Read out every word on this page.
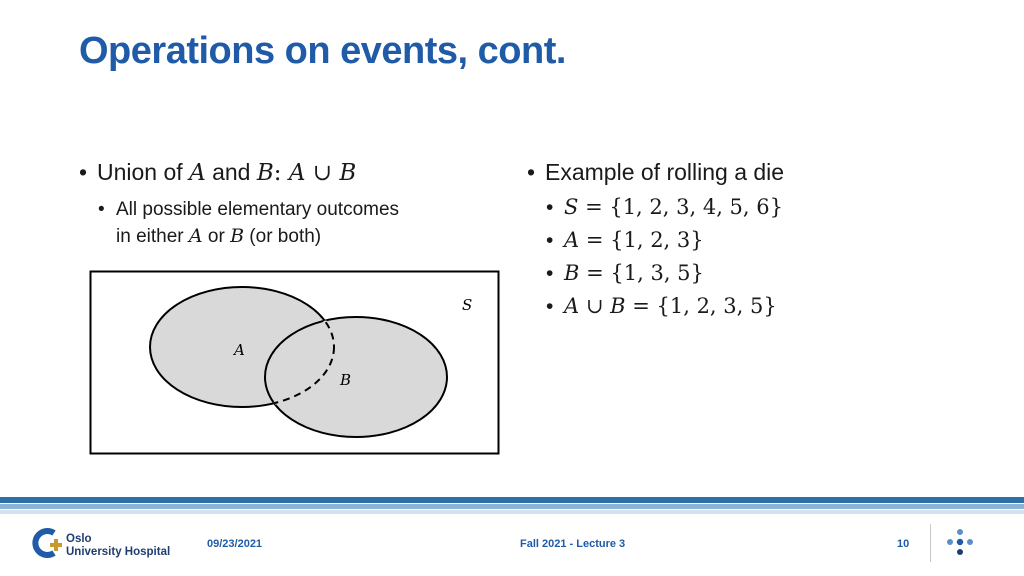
Operations on events, cont.
• Union of A and B: A ∪ B
• All possible elementary outcomes
in either A or B (or both)
S
A
B
• Example of rolling a die
• S = {1, 2, 3, 4, 5, 6}
• A = {1, 2, 3}
• B = {1, 3, 5}
• A ∪ B = {1, 2, 3, 5}
Oslo
University Hospital
09/23/2021	Fall 2021 - Lecture 3	10
